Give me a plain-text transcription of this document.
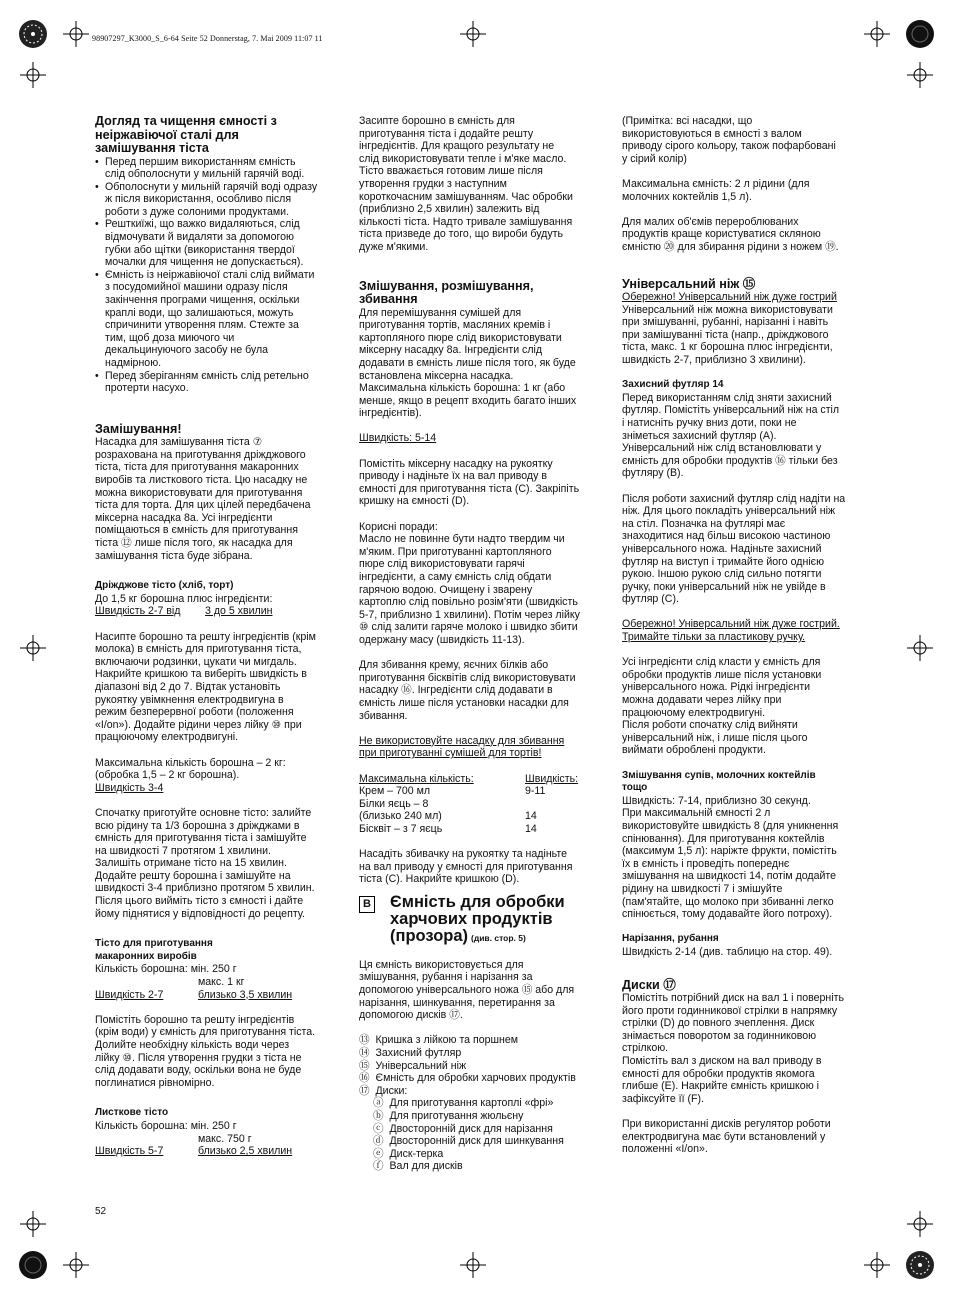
98907297_K3000_S_6-64 Seite 52 Donnerstag, 7. Mai 2009 11:07 11

Догляд та чищення ємності з
неіржавіючої сталі для
замішування тіста

• Перед першим використанням ємність
слід обполоснути у мильній гарячій воді.
• Обполоснути у мильній гарячій воді одразу
ж після використання, особливо після
роботи з дуже солоними продуктами.
• Решткиїжі, що важко видаляються, слід
відмочувати й видаляти за допомогою
губки або щітки (використання твердої
мочалки для чищення не допускається).
• Ємність із неіржавіючої сталі слід виймати
з посудомийної машини одразу після
закінчення програми чищення, оскільки
краплі води, що залишаються, можуть
спричинити утворення плям. Стежте за
тим, щоб доза миючого чи
декальцинуючого засобу не була
надмірною.
• Перед зберіганням ємність слід ретельно
протерти насухо.

Замішування!

Насадка для замішування тіста ⑦
розрахована на приготування дріжджового
тіста, тіста для приготування макаронних
виробів та листкового тіста. Цю насадку не
можна використовувати для приготування
тіста для торта. Для цих цілей передбачена
міксерна насадка 8a. Усі інгредієнти
поміщаються в ємність для приготування
тіста ⑫ лише після того, як насадка для
замішування тіста буде зібрана.

Дріжджове тісто (хліб, торт)

До 1,5 кг борошна плюс інгредієнти:

Швидкість 2-7 від	3 до 5 хвилин

Насипте борошно та решту інгредієнтів (крім
молока) в ємність для приготування тіста,
включаючи родзинки, цукати чи мигдаль.
Накрийте кришкою та виберіть швидкість в
діапазоні від 2 до 7. Відтак установіть
рукоятку увімкнення електродвигуна в
режим безперервної роботи (положення
«I/on»). Додайте рідини через лійку ⑩ при
працюючому електродвигуні.

Максимальна кількість борошна – 2 кг:
(обробка 1,5 – 2 кг борошна).

Швидкість 3-4

Спочатку приготуйте основне тісто: залийте
всю рідину та 1/3 борошна з дріжджами в
ємність для приготування тіста і замішуйте
на швидкості 7 протягом 1 хвилини.
Залишіть отримане тісто на 15 хвилин.
Додайте решту борошна і замішуйте на
швидкості 3-4 приблизно протягом 5 хвилин.
Після цього вийміть тісто з ємності і дайте
йому піднятися у відповідності до рецепту.

Тісто для приготування
макаронних виробів

Кількість борошна: мін. 250 г

макс. 1 кг

Швидкість 2-7	близько 3,5 хвилин

Помістіть борошно та решту інгредієнтів
(крім води) у ємність для приготування тіста.
Долийте необхідну кількість води через
лійку ⑩. Після утворення грудки з тіста не
слід додавати воду, оскільки вона не буде
поглинатися рівномірно.

Листкове тісто

Кількість борошна: мін. 250 г

макс. 750 г

Швидкість 5-7	близько 2,5 хвилин

Засипте борошно в ємність для
приготування тіста і додайте решту
інгредієнтів. Для кращого результату не
слід використовувати тепле і м'яке масло.
Тісто вважається готовим лише після
утворення грудки з наступним
короткочасним замішуванням. Час обробки
(приблизно 2,5 хвилин) залежить від
кількості тіста. Надто тривале замішування
тіста призведе до того, що вироби будуть
дуже м'якими.

Змішування, розмішування,
збивання

Для перемішування сумішей для
приготування тортів, масляних кремів і
картопляного пюре слід використовувати
міксерну насадку 8a. Інгредієнти слід
додавати в ємність лише після того, як буде
встановлена міксерна насадка.
Максимальна кількість борошна: 1 кг (або
менше, якщо в рецепт входить багато інших
інгредієнтів).

Швидкість: 5-14

Помістіть міксерну насадку на рукоятку
приводу і надіньте їх на вал приводу в
ємності для приготування тіста (C). Закріпіть
кришку на ємності (D).

Корисні поради:
Масло не повинне бути надто твердим чи
м'яким. При приготуванні картопляного
пюре слід використовувати гарячі
інгредієнти, а саму ємність слід обдати
гарячою водою. Очищену і зварену
картоплю слід повільно розім'яти (швидкість
5-7, приблизно 1 хвилини). Потім через лійку
⑩ слід залити гаряче молоко і швидко збити
одержану масу (швидкість 11-13).

Для збивання крему, яєчних білків або
приготування бісквітів слід використовувати
насадку ⑯. Інгредієнти слід додавати в
ємність лише після установки насадки для
збивання.

Не використовуйте насадку для збивання
при приготуванні сумішей для тортів!

Максимальна кількість:	Швидкість:
Крем – 700 мл	9-11
Білки яєць – 8
(близько 240 мл)	14
Бісквіт – з 7 яєць	14

Насадіть збивачку на рукоятку та надіньте
на вал приводу у ємності для приготування
тіста (C). Накрийте кришкою (D).

B Ємність для обробки
харчових продуктів
(прозора) (див. стор. 5)

Ця ємність використовується для
змішування, рубання і нарізання за
допомогою універсального ножа ⑮ або для
нарізання, шинкування, перетирання за
допомогою дисків ⑰.

⑬  Кришка з лійкою та поршнем
⑭  Захисний футляр
⑮  Універсальний ніж
⑯  Ємність для обробки харчових продуктів
⑰  Диски:
ⓐ  Для приготування картоплі «фрі»
ⓑ  Для приготування жюльєну
ⓒ  Двосторонній диск для нарізання
ⓓ  Двосторонній диск для шинкування
ⓔ  Диск-терка
ⓕ  Вал для дисків

(Примітка: всі насадки, що
використовуються в ємності з валом
приводу сірого кольору, також пофарбовані
у сірий колір)

Максимальна ємність: 2 л рідини (для
молочних коктейлів 1,5 л).

Для малих об'ємів перероблюваних
продуктів краще користуватися скляною
ємністю ⑳ для збирання рідини з ножем ⑲.

Універсальний ніж ⑮

Обережно! Універсальний ніж дуже гострий

Універсальний ніж можна використовувати
при змішуванні, рубанні, нарізанні і навіть
при замішуванні тіста (напр., дріжджового
тіста, макс. 1 кг борошна плюс інгредієнти,
швидкість 2-7, приблизно 3 хвилини).

Захисний футляр 14

Перед використанням слід зняти захисний
футляр. Помістіть універсальний ніж на стіл
і натисніть ручку вниз доти, поки не
зніметься захисний футляр (A).
Універсальний ніж слід встановлювати у
ємність для обробки продуктів ⑯ тільки без
футляру (B).

Після роботи захисний футляр слід надіти на
ніж. Для цього покладіть універсальний ніж
на стіл. Позначка на футлярі має
знаходитися над більш високою частиною
універсального ножа. Надіньте захисний
футляр на виступ і тримайте його однією
рукою. Іншою рукою слід сильно потягти
ручку, поки універсальний ніж не увійде в
футляр (C).

Обережно! Універсальний ніж дуже гострий.
Тримайте тільки за пластикову ручку.

Усі інгредієнти слід класти у ємність для
обробки продуктів лише після установки
універсального ножа. Рідкі інгредієнти
можна додавати через лійку при
працюючому електродвигуні.
Після роботи спочатку слід вийняти
універсальний ніж, і лише після цього
виймати оброблені продукти.

Змішування супів, молочних коктейлів
тощо

Швидкість: 7-14, приблизно 30 секунд.
При максимальній ємності 2 л
використовуйте швидкість 8 (для уникнення
спінювання). Для приготування коктейлів
(максимум 1,5 л): наріжте фрукти, помістіть
їх в ємність і проведіть попереднє
змішування на швидкості 14, потім додайте
рідину на швидкості 7 і змішуйте
(пам'ятайте, що молоко при збиванні легко
спінюється, тому додавайте його потроху).

Нарізання, рубання

Швидкість 2-14 (див. таблицю на стор. 49).

Диски ⑰

Помістіть потрібний диск на вал 1 і поверніть
його проти годинникової стрілки в напрямку
стрілки (D) до повного зчеплення. Диск
знімається поворотом за годинниковою
стрілкою.
Помістіть вал з диском на вал приводу в
ємності для обробки продуктів якомога
глибше (E). Накрийте ємність кришкою і
зафіксуйте її (F).

При використанні дисків регулятор роботи
електродвигуна має бути встановлений у
положенні «I/on».

52
